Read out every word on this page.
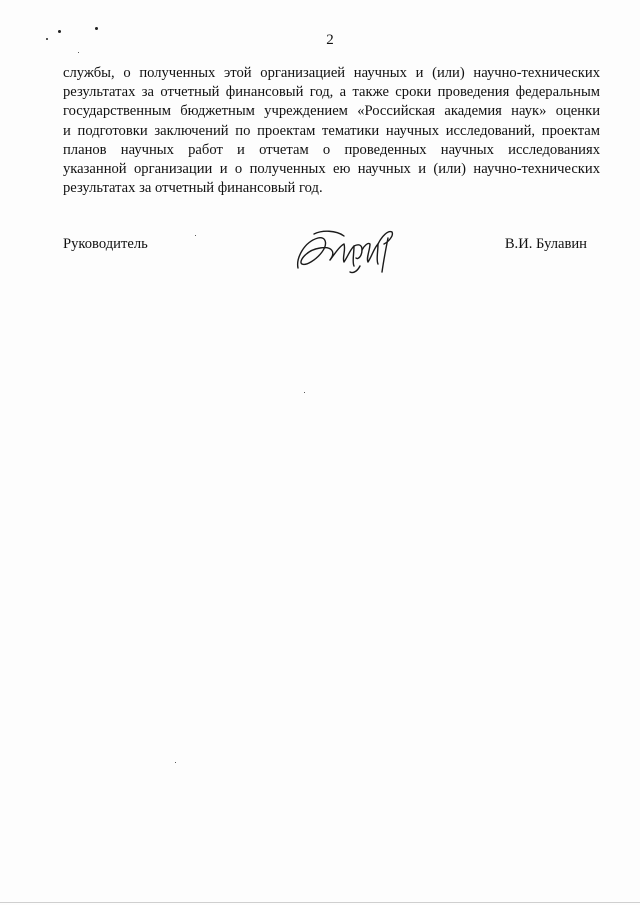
2
службы, о полученных этой организацией научных и (или) научно-технических
результатах за отчетный финансовый год, а также сроки проведения федеральным
государственным бюджетным учреждением «Российская академия наук» оценки
и подготовки заключений по проектам тематики научных исследований, проектам
планов научных работ и отчетам о проведенных научных исследованиях
указанной организации и о полученных ею научных и (или) научно-технических
результатах за отчетный финансовый год.
Руководитель	В.И. Булавин
